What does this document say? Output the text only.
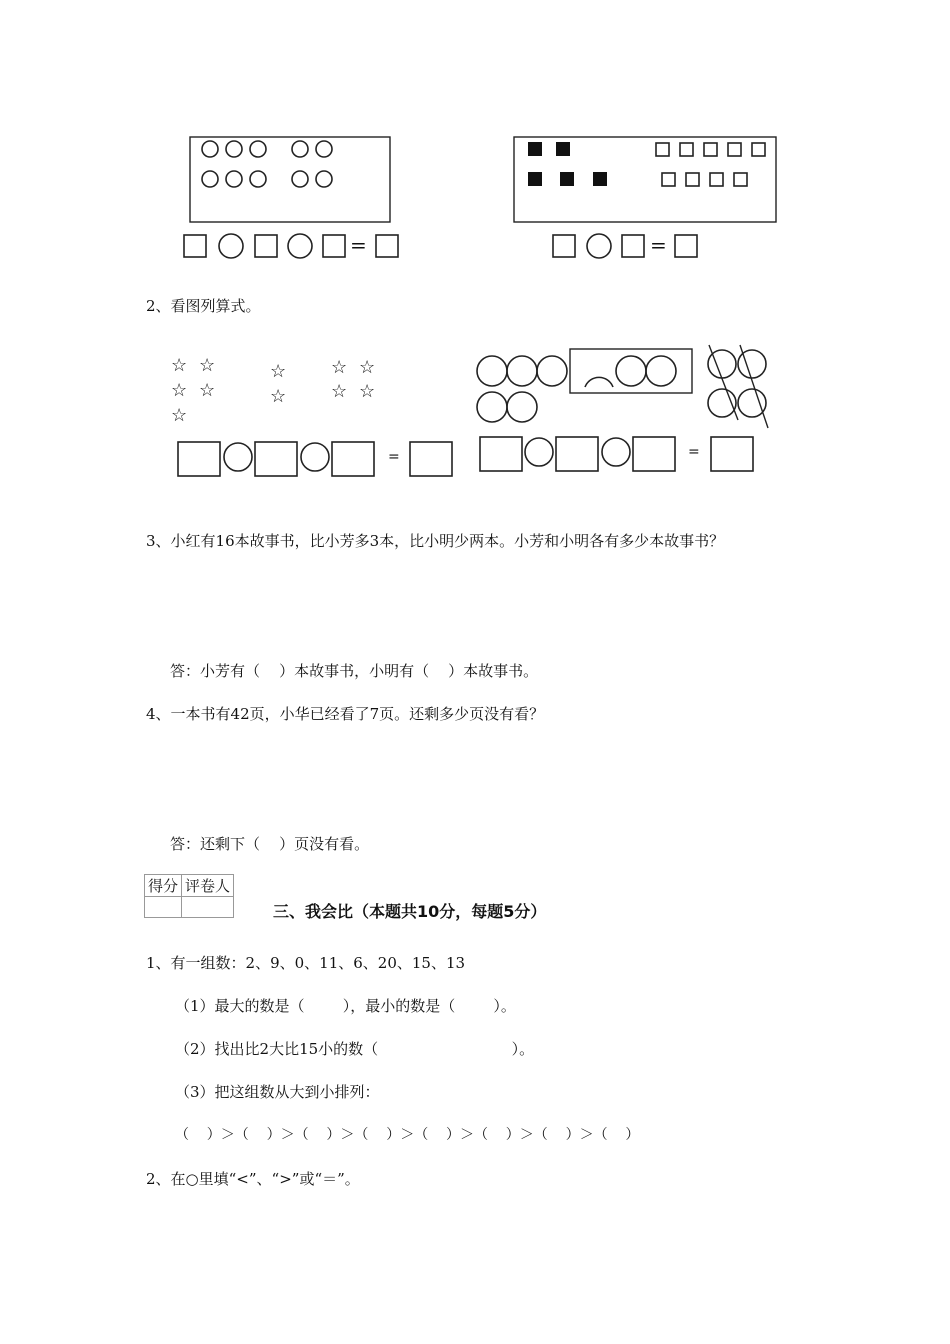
=	=
2、看图列算式。
☆ ☆
☆ ☆
☆
☆
☆
☆ ☆
☆ ☆
=	=
3、小红有16本故事书，比小芳多3本，比小明少两本。小芳和小明各有多少本故事书？
答：小芳有（    ）本故事书，小明有（    ）本故事书。
4、一本书有42页，小华已经看了7页。还剩多少页没有看？
答：还剩下（    ）页没有看。
得分	评卷人

三、我会比（本题共10分，每题5分）
1、有一组数：2、9、0、11、6、20、15、13
（1）最大的数是（        ），最小的数是（        ）。
（2）找出比2大比15小的数（                            ）。
（3）把这组数从大到小排列：
（    ）＞（    ）＞（    ）＞（    ）＞（    ）＞（    ）＞（    ）＞（    ）
2、在○里填“<”、“>”或“＝”。
